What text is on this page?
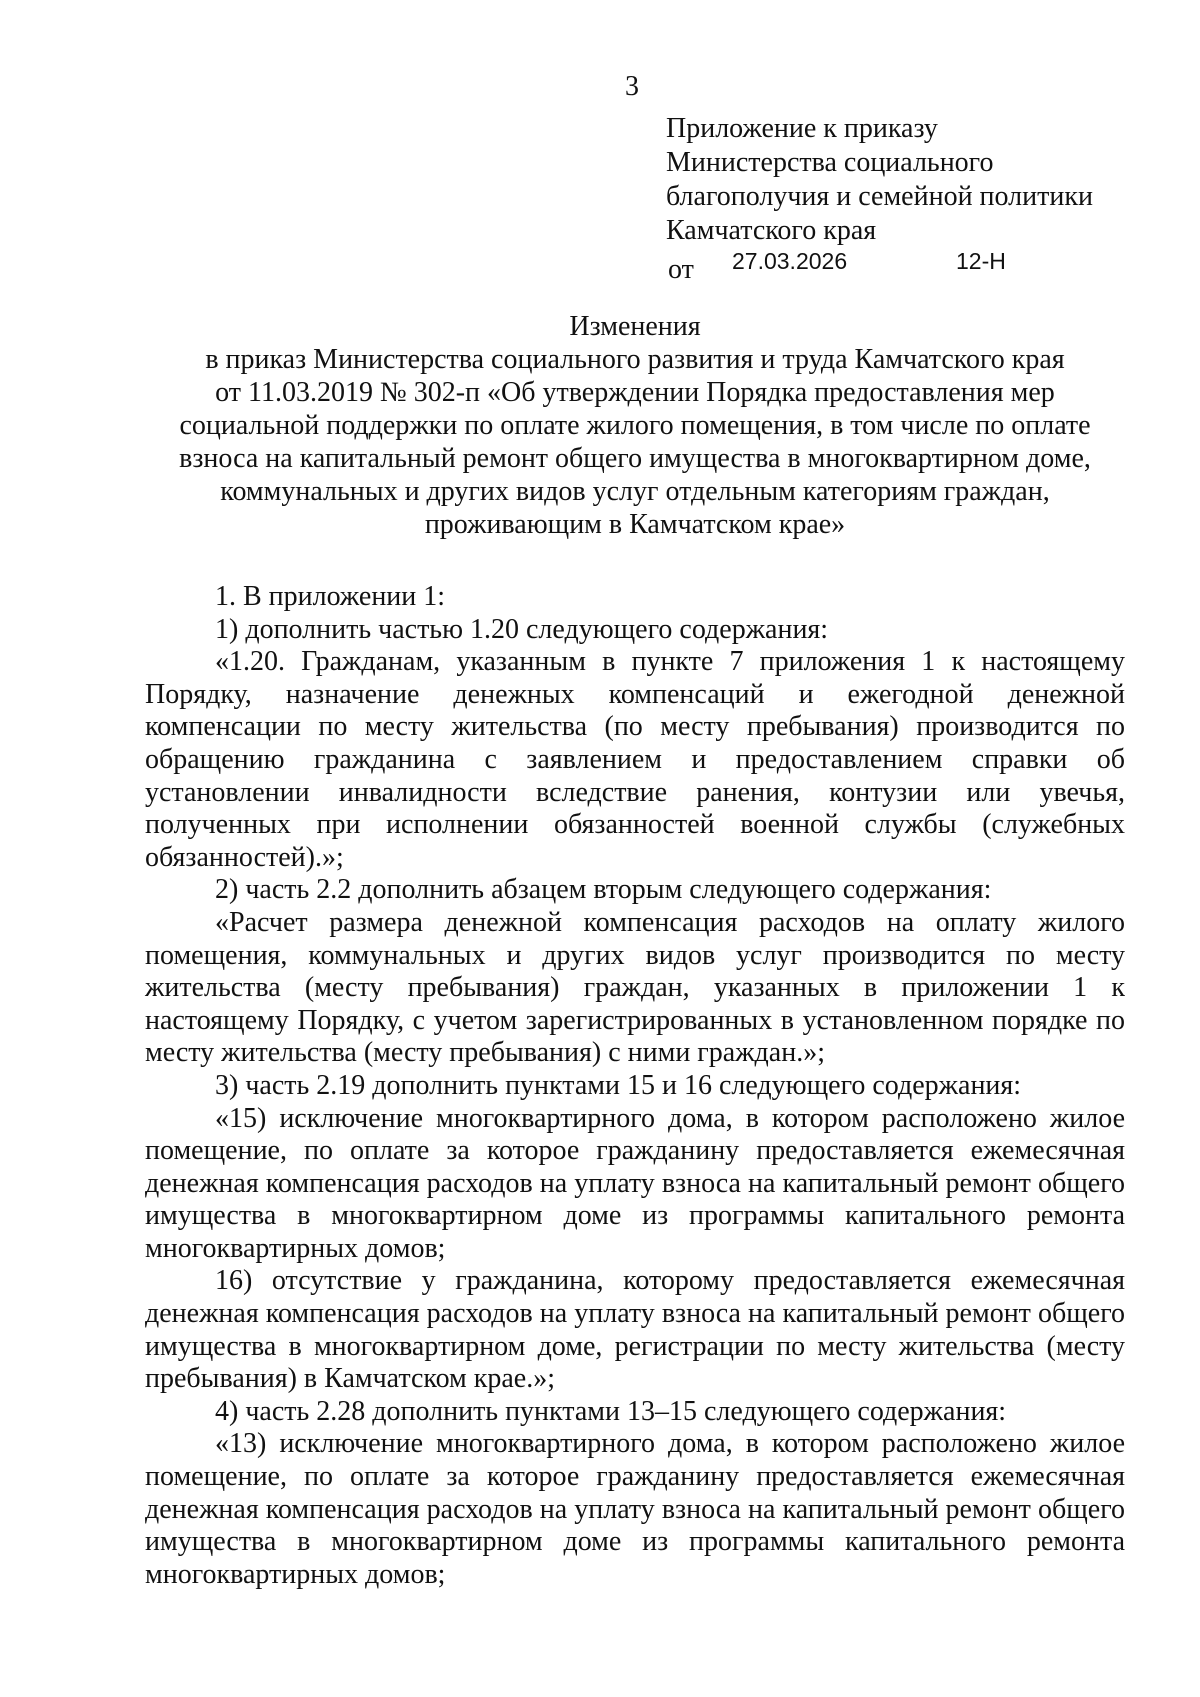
3
Приложение к приказу
Министерства социального
благополучия и семейной политики
Камчатского края
от 27.03.2026	12-Н
Изменения
в приказ Министерства социального развития и труда Камчатского края
от 11.03.2019 № 302-п «Об утверждении Порядка предоставления мер
социальной поддержки по оплате жилого помещения, в том числе по оплате
взноса на капитальный ремонт общего имущества в многоквартирном доме,
коммунальных и других видов услуг отдельным категориям граждан,
проживающим в Камчатском крае»

1. В приложении 1:

1) дополнить частью 1.20 следующего содержания:

«1.20. Гражданам, указанным в пункте 7 приложения 1 к настоящему Порядку, назначение денежных компенсаций и ежегодной денежной компенсации по месту жительства (по месту пребывания) производится по обращению гражданина с заявлением и предоставлением справки об установлении инвалидности вследствие ранения, контузии или увечья, полученных при исполнении обязанностей военной службы (служебных обязанностей).»;

2) часть 2.2 дополнить абзацем вторым следующего содержания:

«Расчет размера денежной компенсация расходов на оплату жилого помещения, коммунальных и других видов услуг производится по месту жительства (месту пребывания) граждан, указанных в приложении 1 к настоящему Порядку, с учетом зарегистрированных в установленном порядке по месту жительства (месту пребывания) с ними граждан.»;

3) часть 2.19 дополнить пунктами 15 и 16 следующего содержания:

«15) исключение многоквартирного дома, в котором расположено жилое помещение, по оплате за которое гражданину предоставляется ежемесячная денежная компенсация расходов на уплату взноса на капитальный ремонт общего имущества в многоквартирном доме из программы капитального ремонта многоквартирных домов;

16) отсутствие у гражданина, которому предоставляется ежемесячная денежная компенсация расходов на уплату взноса на капитальный ремонт общего имущества в многоквартирном доме, регистрации по месту жительства (месту пребывания) в Камчатском крае.»;

4) часть 2.28 дополнить пунктами 13–15 следующего содержания:

«13) исключение многоквартирного дома, в котором расположено жилое помещение, по оплате за которое гражданину предоставляется ежемесячная денежная компенсация расходов на уплату взноса на капитальный ремонт общего имущества в многоквартирном доме из программы капитального ремонта многоквартирных домов;
